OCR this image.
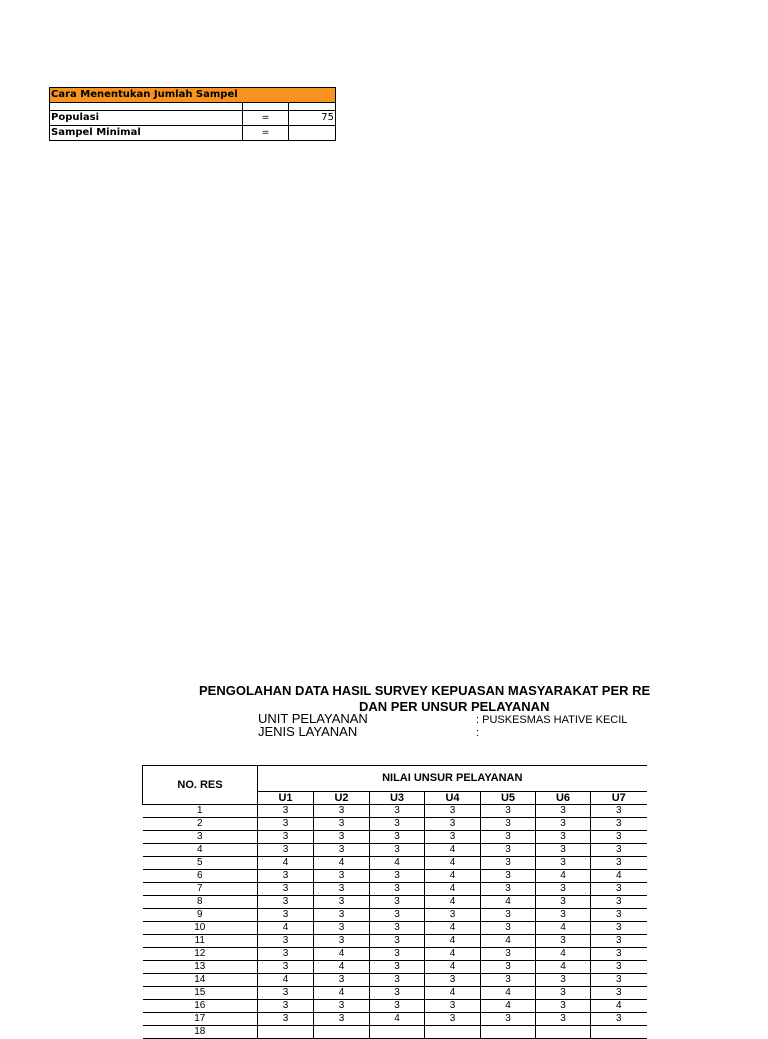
Cara Menentukan Jumlah Sampel		

Populasi	=	75
Sampel Minimal	=	
PENGOLAHAN DATA HASIL SURVEY KEPUASAN MASYARAKAT PER RE
DAN PER UNSUR PELAYANAN
UNIT PELAYANAN	: PUSKESMAS HATIVE KECIL
JENIS LAYANAN	:
NO. RES	NILAI UNSUR PELAYANAN						
	U1	U2	U3	U4	U5	U6	U7
1	3	3	3	3	3	3	3
2	3	3	3	3	3	3	3
3	3	3	3	3	3	3	3
4	3	3	3	4	3	3	3
5	4	4	4	4	3	3	3
6	3	3	3	4	3	4	4
7	3	3	3	4	3	3	3
8	3	3	3	4	4	3	3
9	3	3	3	3	3	3	3
10	4	3	3	4	3	4	3
11	3	3	3	4	4	3	3
12	3	4	3	4	3	4	3
13	3	4	3	4	3	4	3
14	4	3	3	3	3	3	3
15	3	4	3	4	4	3	3
16	3	3	3	3	4	3	4
17	3	3	4	3	3	3	3
18							
